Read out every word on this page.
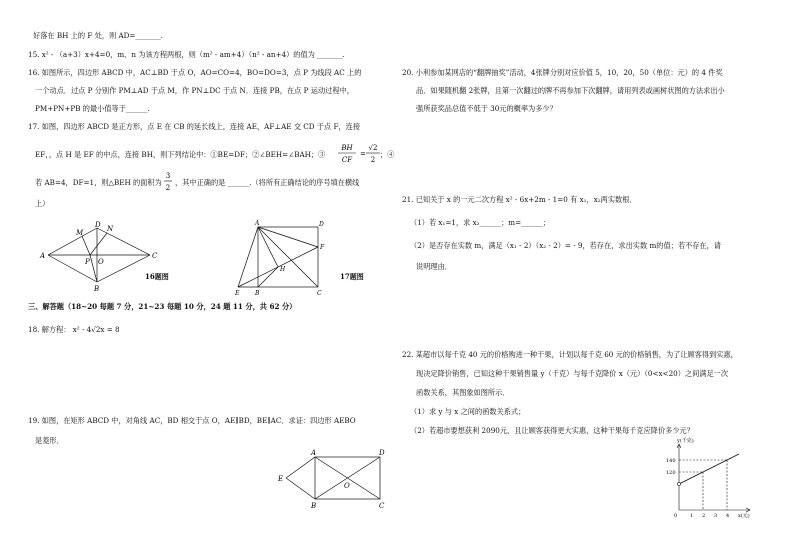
好落在 BH 上的 F 处，则 AD=_______.
15. x² - （a+3）x+4=0，m、n 为该方程两根，则（m² - am+4）（n² - an+4）的值为 _______.
16. 如图所示，四边形 ABCD 中，AC⊥BD 于点 O，AO=CO=4，BO=DO=3，点 P 为线段 AC 上的
一个动点．过点 P 分别作 PM⊥AD 于点 M，作 PN⊥DC 于点 N．连接 PB，在点 P 运动过程中，
PM+PN+PB 的最小值等于______.
17. 如图，四边形 ABCD 是正方形，点 E 在 CB 的延长线上，连接 AE，AF⊥AE 交 CD 于点 F，连接
EF，，点 H 是 EF 的中点，连接 BH，则下列结论中：①BE=DF；②∠BEH=∠BAH；③
BH
CF
=
√2
2
；④
若 AB=4，DF=1，则△BEH 的面积为
3
2
，其中正确的是 ______.（将所有正确结论的序号填在横线
上）
A
B
C
D
M	N
P O
16题图
A
B	C
D
E
F
H
17题图
三、解答题（18~20 每题 7 分，21~23 每题 10 分，24 题 11 分，共 62 分）
18. 解方程： x² - 4√2x = 8
19. 如图，在矩形 ABCD 中，对角线 AC，BD 相交于点 O，AE∥BD，BE∥AC．求证：四边形 AEBO
是菱形．
A
B	C
D
E
O
20. 小利参加某网店的“翻牌抽奖”活动，4张牌分别对应价值 5，10，20，50（单位：元）的 4 件奖
品．如果随机翻 2张牌，且第一次翻过的牌不再参加下次翻牌，请用列表或画树状图的方法求出小
强所获奖品总值不低于 30元的概率为多少？
21. 已知关于 x 的一元二次方程 x² - 6x+2m - 1=0 有 x₁，x₂两实数根．
（1）若 x₁=1，求 x₂______；m=______；
（2）是否存在实数 m，满足（x₁ - 2）（x₂ - 2）= - 9，若存在，求出实数 m的值；若不存在，请
说明理由．
22. 某超市以每千克 40 元的价格购进一种干果，计划以每千克 60 元的价格销售，为了让顾客得到实惠，
现决定降价销售，已知这种干果销售量 y（千克）与每千克降价 x（元）（0<x<20）之间满足一次
函数关系，其图象如图所示．
（1）求 y 与 x 之间的函数关系式；
（2）若超市要想获利 2090元，且让顾客获得更大实惠，这种干果每千克应降价多少元？
y(千克)
140
120
0	1 2 3 4 x(元)
